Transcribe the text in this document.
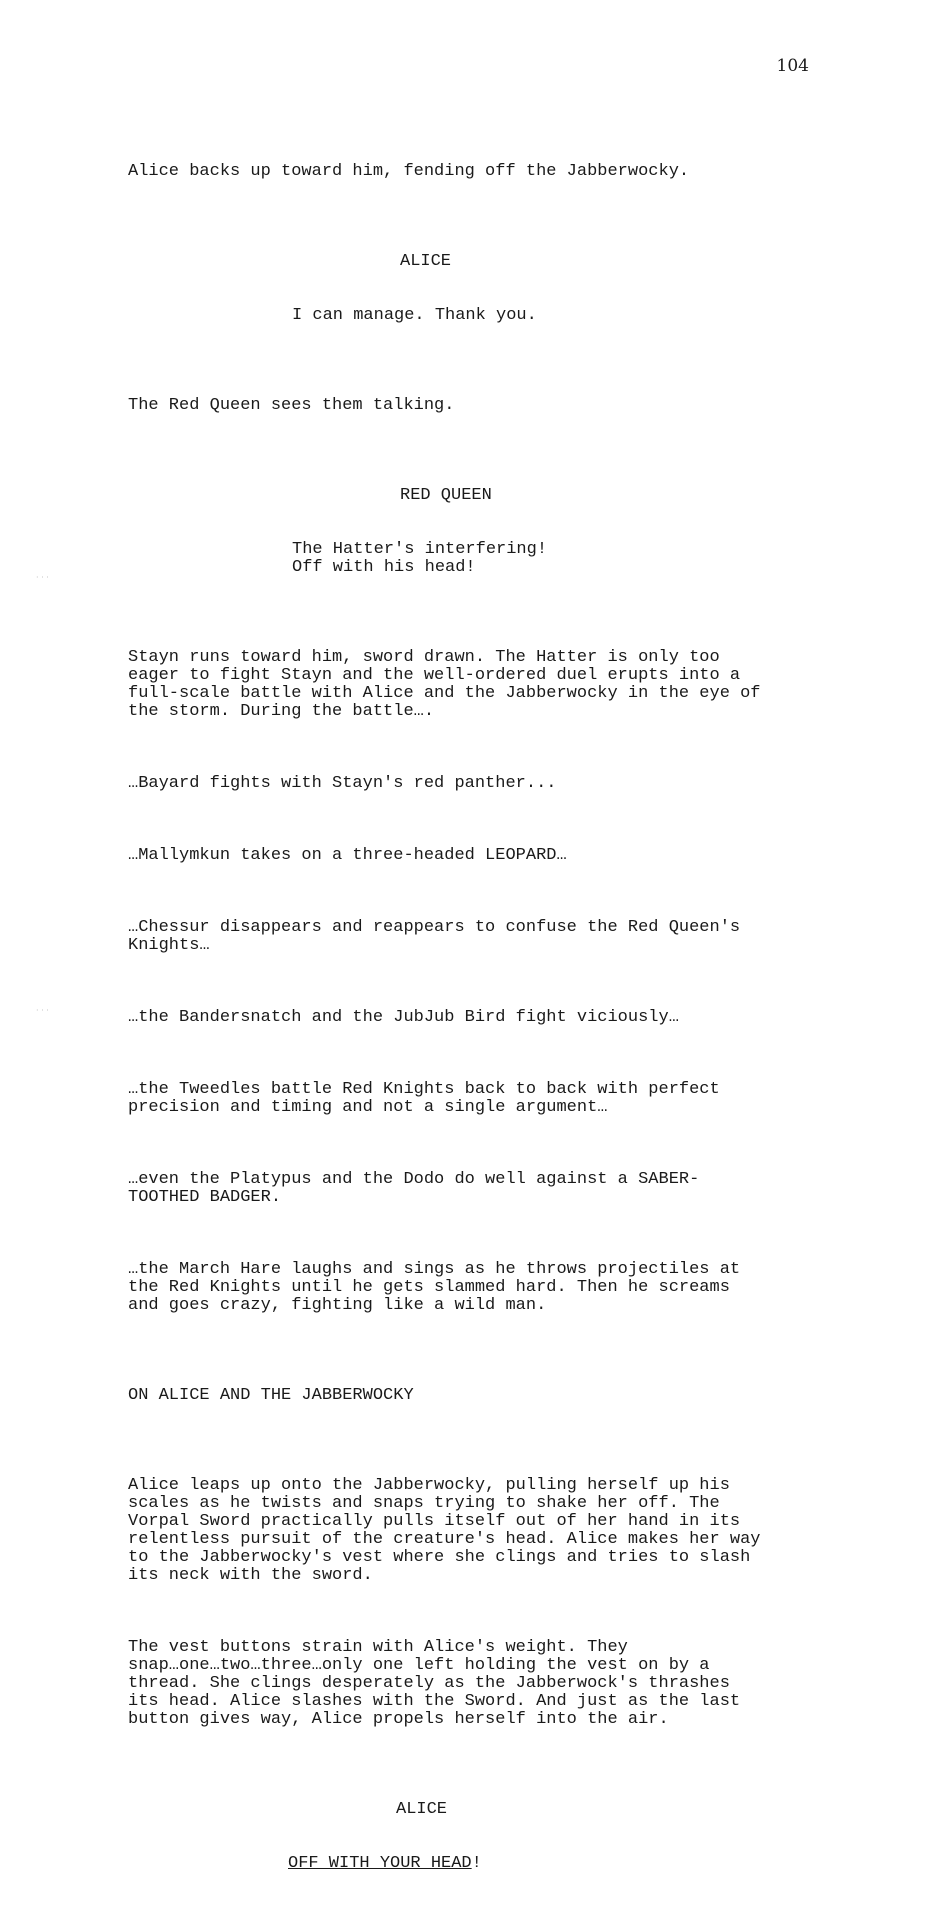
104
· · ·
· · ·

Alice backs up toward him, fending off the Jabberwocky.

ALICE

I can manage. Thank you.

The Red Queen sees them talking.

RED QUEEN

The Hatter's interfering!
Off with his head!

Stayn runs toward him, sword drawn. The Hatter is only too
eager to fight Stayn and the well-ordered duel erupts into a
full-scale battle with Alice and the Jabberwocky in the eye of
the storm. During the battle….

…Bayard fights with Stayn's red panther...

…Mallymkun takes on a three-headed LEOPARD…

…Chessur disappears and reappears to confuse the Red Queen's
Knights…

…the Bandersnatch and the JubJub Bird fight viciously…

…the Tweedles battle Red Knights back to back with perfect
precision and timing and not a single argument…

…even the Platypus and the Dodo do well against a SABER-
TOOTHED BADGER.

…the March Hare laughs and sings as he throws projectiles at
the Red Knights until he gets slammed hard. Then he screams
and goes crazy, fighting like a wild man.

ON ALICE AND THE JABBERWOCKY

Alice leaps up onto the Jabberwocky, pulling herself up his
scales as he twists and snaps trying to shake her off. The
Vorpal Sword practically pulls itself out of her hand in its
relentless pursuit of the creature's head. Alice makes her way
to the Jabberwocky's vest where she clings and tries to slash
its neck with the sword.

The vest buttons strain with Alice's weight. They
snap…one…two…three…only one left holding the vest on by a
thread. She clings desperately as the Jabberwock's thrashes
its head. Alice slashes with the Sword. And just as the last
button gives way, Alice propels herself into the air.

ALICE

OFF WITH YOUR HEAD!
